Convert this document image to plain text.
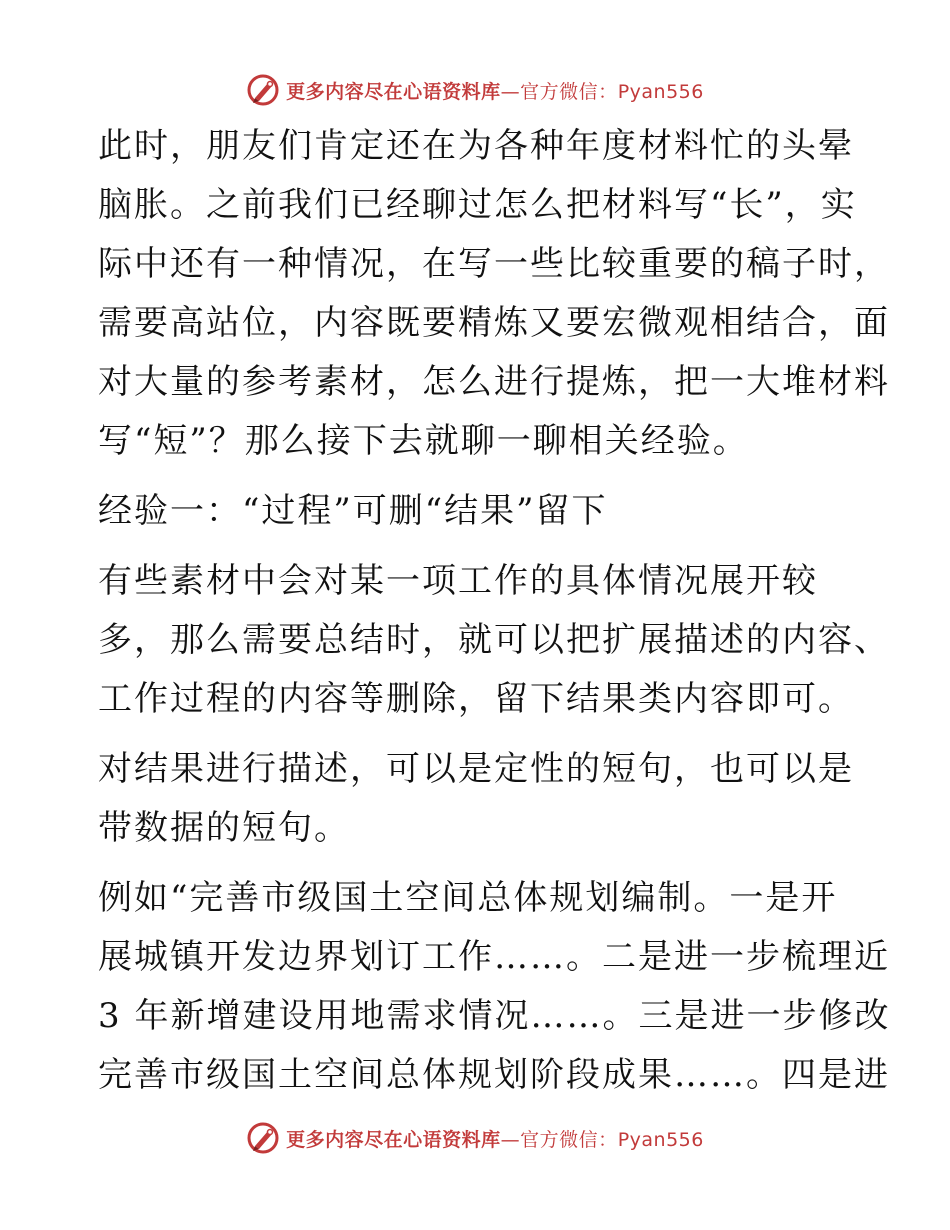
更多内容尽在心语资料库—官方微信：Pyan556

此时，朋友们肯定还在为各种年度材料忙的头晕
脑胀。之前我们已经聊过怎么把材料写“长”，实
际中还有一种情况，在写一些比较重要的稿子时，
需要高站位，内容既要精炼又要宏微观相结合，面
对大量的参考素材，怎么进行提炼，把一大堆材料
写“短”？那么接下去就聊一聊相关经验。

经验一：“过程”可删“结果”留下

有些素材中会对某一项工作的具体情况展开较
多，那么需要总结时，就可以把扩展描述的内容、
工作过程的内容等删除，留下结果类内容即可。

对结果进行描述，可以是定性的短句，也可以是
带数据的短句。

例如“完善市级国土空间总体规划编制。一是开
展城镇开发边界划订工作……。二是进一步梳理近
3 年新增建设用地需求情况……。三是进一步修改
完善市级国土空间总体规划阶段成果……。四是进

更多内容尽在心语资料库—官方微信：Pyan556
